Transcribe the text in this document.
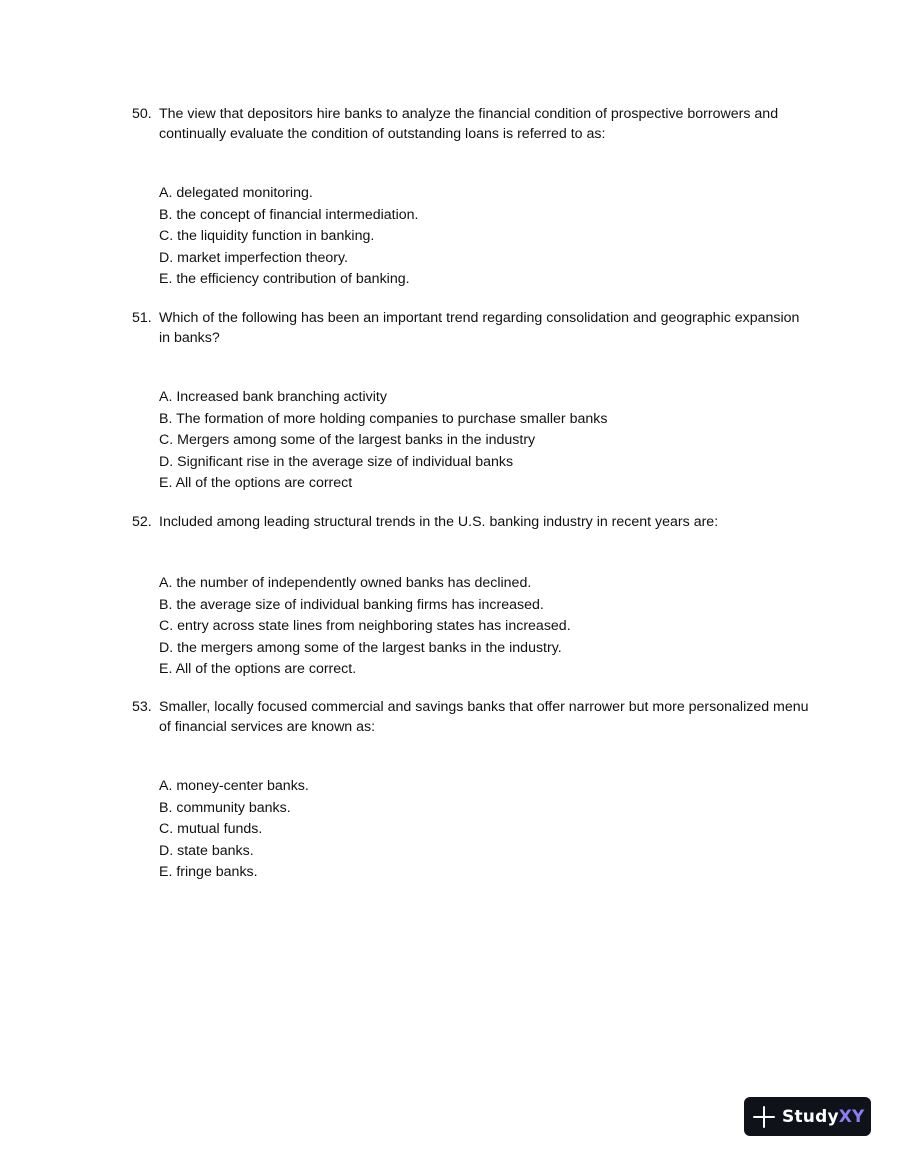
50. The view that depositors hire banks to analyze the financial condition of prospective borrowers and continually evaluate the condition of outstanding loans is referred to as:
A. delegated monitoring.
B. the concept of financial intermediation.
C. the liquidity function in banking.
D. market imperfection theory.
E. the efficiency contribution of banking.
51. Which of the following has been an important trend regarding consolidation and geographic expansion in banks?
A. Increased bank branching activity
B. The formation of more holding companies to purchase smaller banks
C. Mergers among some of the largest banks in the industry
D. Significant rise in the average size of individual banks
E. All of the options are correct
52. Included among leading structural trends in the U.S. banking industry in recent years are:
A. the number of independently owned banks has declined.
B. the average size of individual banking firms has increased.
C. entry across state lines from neighboring states has increased.
D. the mergers among some of the largest banks in the industry.
E. All of the options are correct.
53. Smaller, locally focused commercial and savings banks that offer narrower but more personalized menu of financial services are known as:
A. money-center banks.
B. community banks.
C. mutual funds.
D. state banks.
E. fringe banks.
StudyXY
